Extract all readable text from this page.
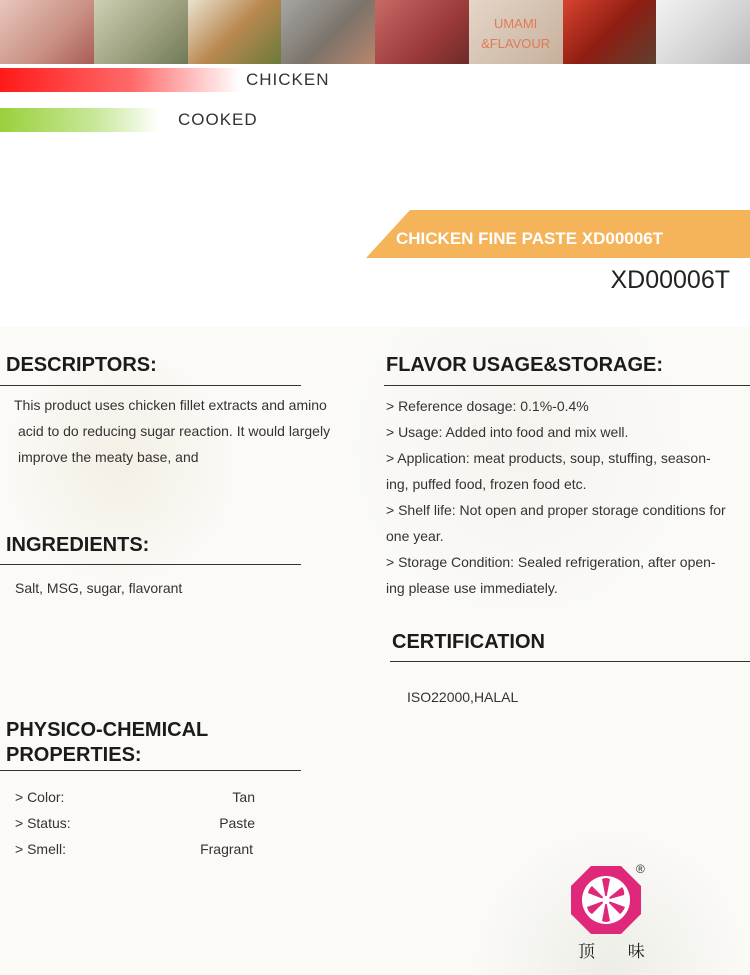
UMAMI
&FLAVOUR
CHICKEN
COOKED
CHICKEN FINE PASTE XD00006T
XD00006T
DESCRIPTORS:
This product uses chicken fillet extracts and amino
acid to do reducing sugar reaction. It would largely
improve the meaty base, and
INGREDIENTS:
Salt, MSG, sugar, flavorant
PHYSICO-CHEMICAL
PROPERTIES:
> Color:	Tan
> Status:	Paste
> Smell:	Fragrant
FLAVOR USAGE&STORAGE:
> Reference dosage: 0.1%-0.4%
> Usage: Added into food and mix well.
> Application: meat products, soup, stuffing, season-
ing, puffed food, frozen food etc.
> Shelf life: Not open and proper storage conditions for
one year.
> Storage Condition: Sealed refrigeration, after open-
ing please use immediately.
CERTIFICATION
ISO22000,HALAL
®
顶 味
